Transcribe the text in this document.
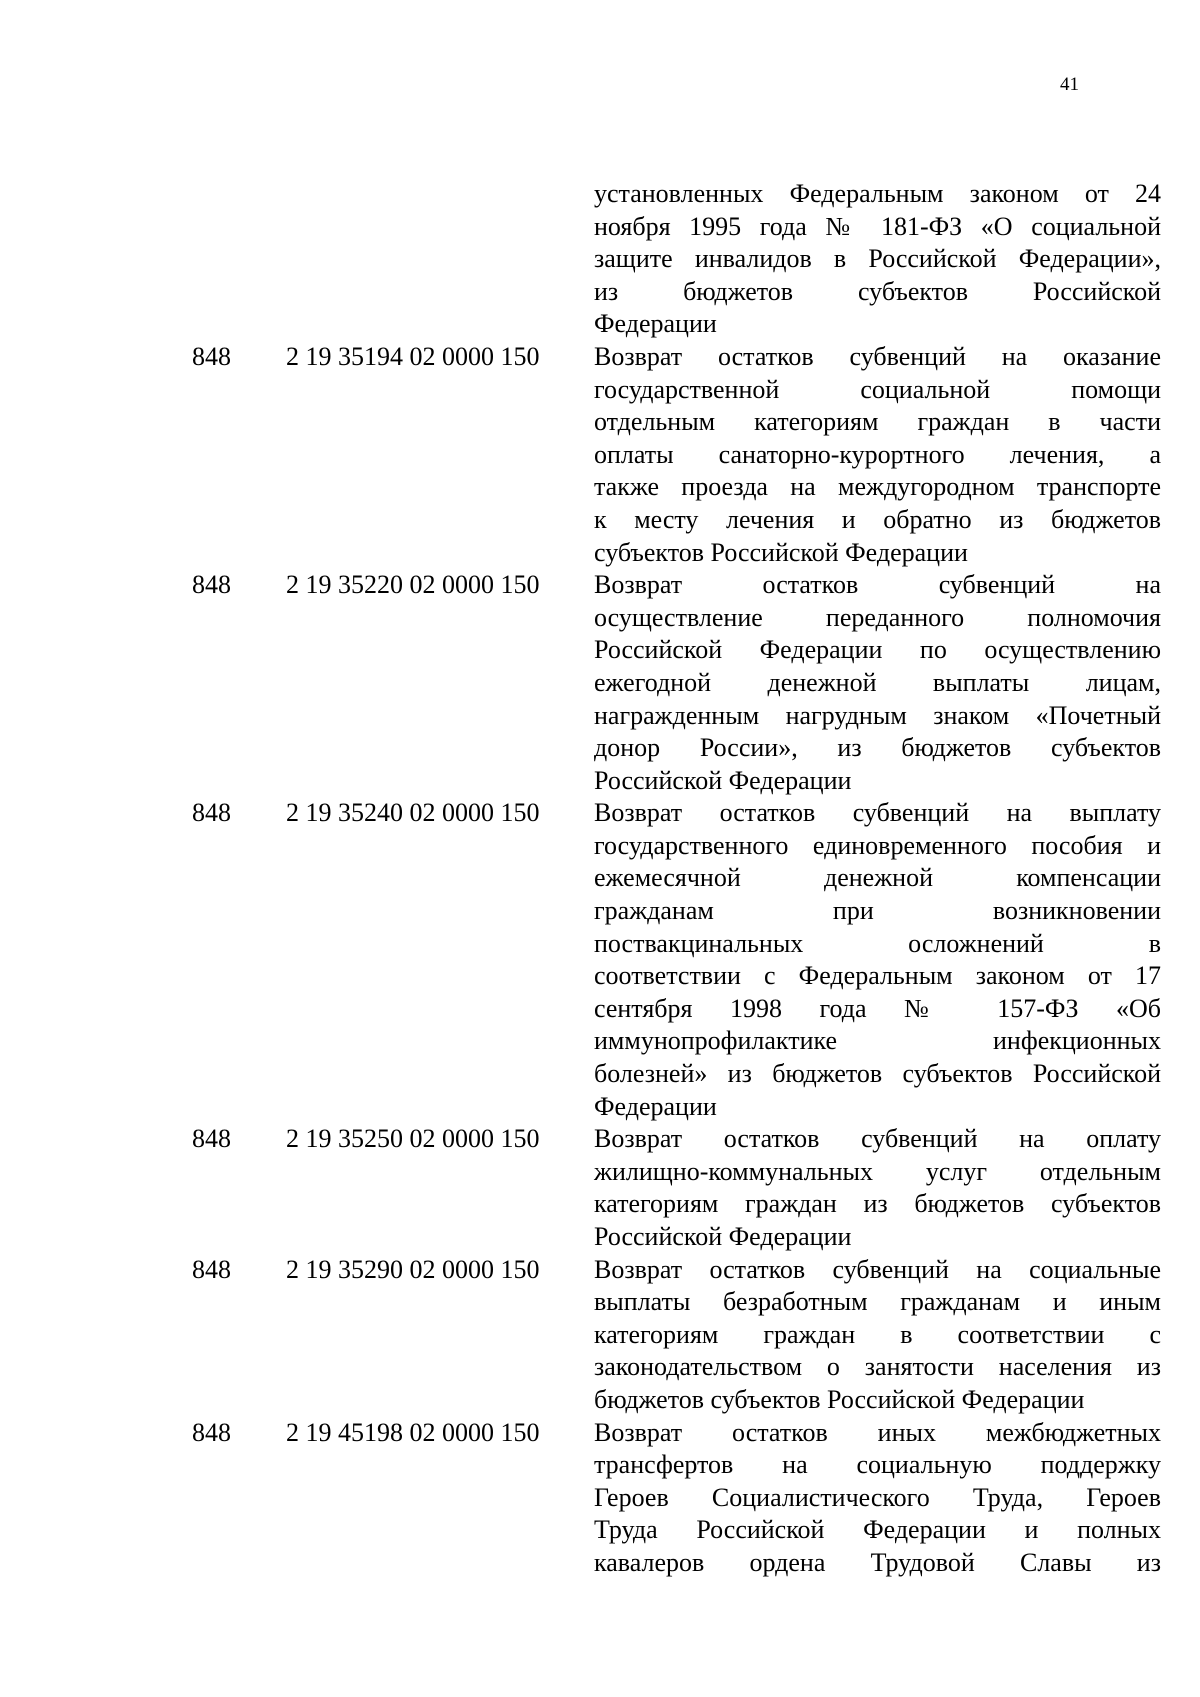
41
установленных Федеральным законом от 24
ноября 1995 года № 181-ФЗ «О социальной
защите инвалидов в Российской Федерации»,
из бюджетов субъектов Российской
Федерации
848	2 19 35194 02 0000 150	Возврат остатков субвенций на оказание
государственной социальной помощи
отдельным категориям граждан в части
оплаты санаторно-курортного лечения, а
также проезда на междугородном транспорте
к месту лечения и обратно из бюджетов
субъектов Российской Федерации
848	2 19 35220 02 0000 150	Возврат остатков субвенций на
осуществление переданного полномочия
Российской Федерации по осуществлению
ежегодной денежной выплаты лицам,
награжденным нагрудным знаком «Почетный
донор России», из бюджетов субъектов
Российской Федерации
848	2 19 35240 02 0000 150	Возврат остатков субвенций на выплату
государственного единовременного пособия и
ежемесячной денежной компенсации
гражданам при возникновении
поствакцинальных осложнений в
соответствии с Федеральным законом от 17
сентября 1998 года № 157-ФЗ «Об
иммунопрофилактике инфекционных
болезней» из бюджетов субъектов Российской
Федерации
848	2 19 35250 02 0000 150	Возврат остатков субвенций на оплату
жилищно-коммунальных услуг отдельным
категориям граждан из бюджетов субъектов
Российской Федерации
848	2 19 35290 02 0000 150	Возврат остатков субвенций на социальные
выплаты безработным гражданам и иным
категориям граждан в соответствии с
законодательством о занятости населения из
бюджетов субъектов Российской Федерации
848	2 19 45198 02 0000 150	Возврат остатков иных межбюджетных
трансфертов на социальную поддержку
Героев Социалистического Труда, Героев
Труда Российской Федерации и полных
кавалеров ордена Трудовой Славы из
